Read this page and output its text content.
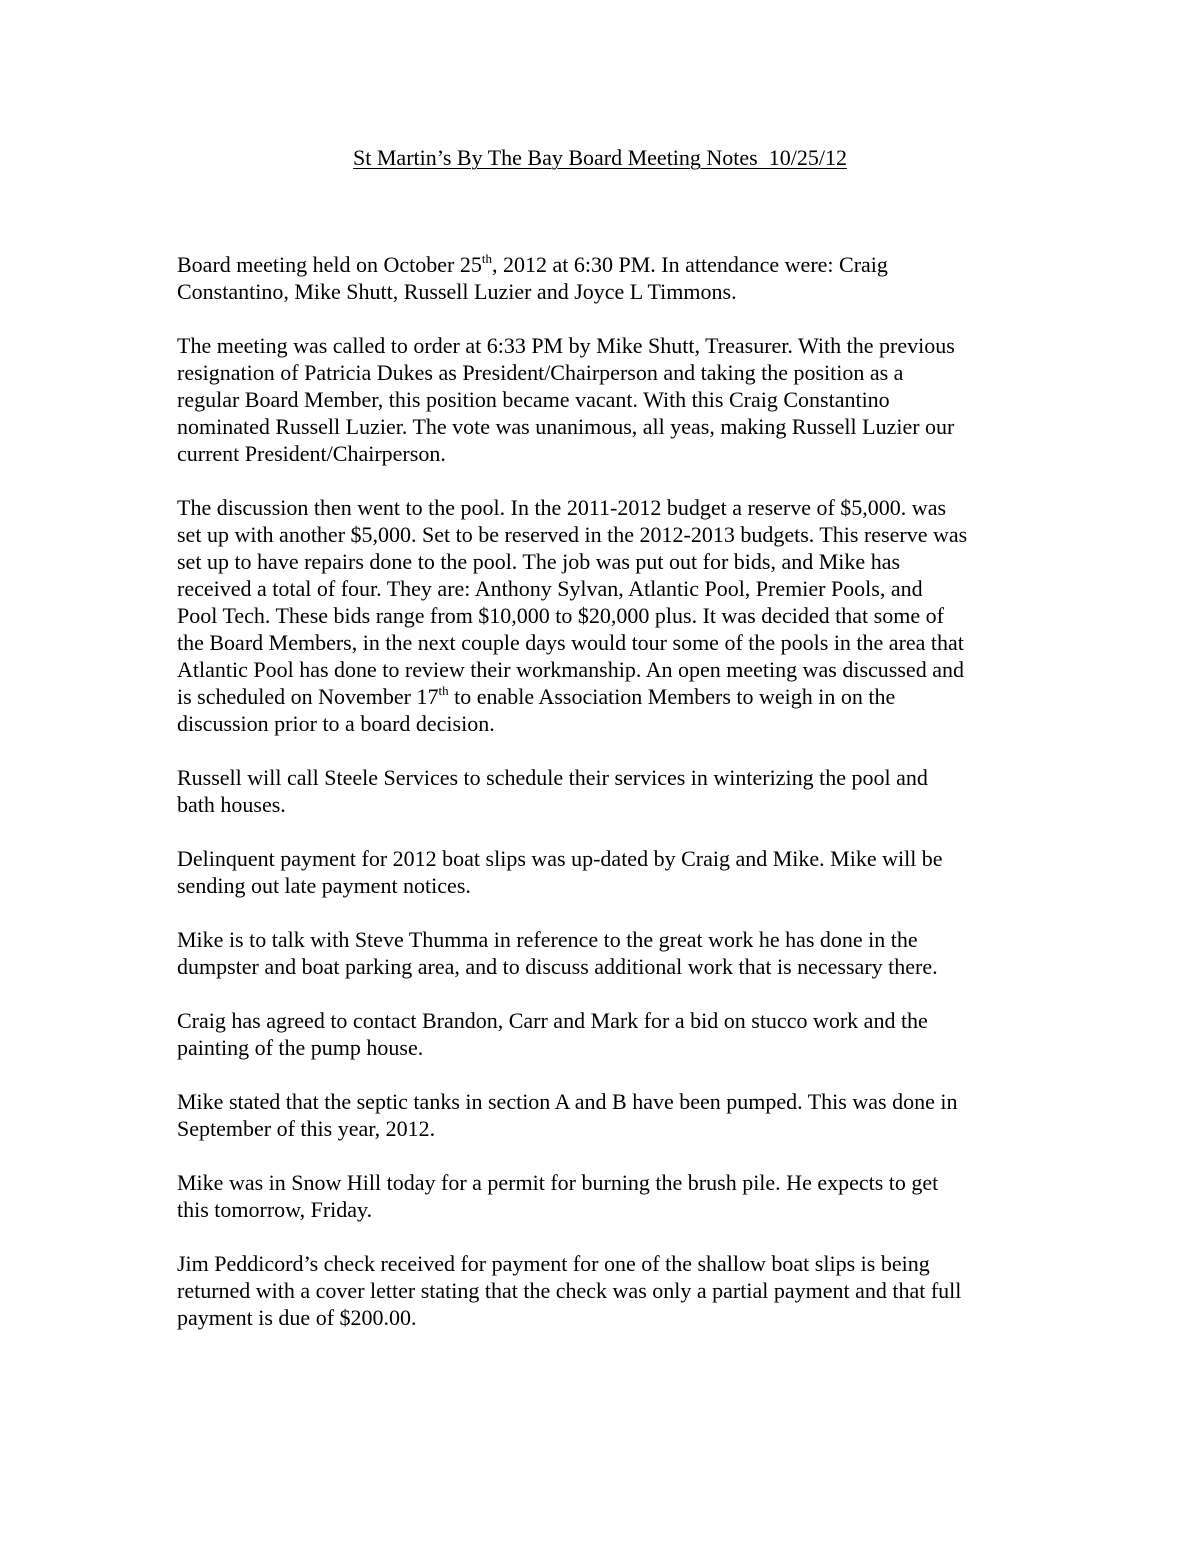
St Martin’s By The Bay Board Meeting Notes  10/25/12

Board meeting held on October 25th, 2012 at 6:30 PM. In attendance were: Craig
Constantino, Mike Shutt, Russell Luzier and Joyce L Timmons.

The meeting was called to order at 6:33 PM by Mike Shutt, Treasurer. With the previous
resignation of Patricia Dukes as President/Chairperson and taking the position as a
regular Board Member, this position became vacant. With this Craig Constantino
nominated Russell Luzier. The vote was unanimous, all yeas, making Russell Luzier our
current President/Chairperson.

The discussion then went to the pool. In the 2011-2012 budget a reserve of $5,000. was
set up with another $5,000. Set to be reserved in the 2012-2013 budgets. This reserve was
set up to have repairs done to the pool. The job was put out for bids, and Mike has
received a total of four. They are: Anthony Sylvan, Atlantic Pool, Premier Pools, and
Pool Tech. These bids range from $10,000 to $20,000 plus. It was decided that some of
the Board Members, in the next couple days would tour some of the pools in the area that
Atlantic Pool has done to review their workmanship. An open meeting was discussed and
is scheduled on November 17th to enable Association Members to weigh in on the
discussion prior to a board decision.

Russell will call Steele Services to schedule their services in winterizing the pool and
bath houses.

Delinquent payment for 2012 boat slips was up-dated by Craig and Mike. Mike will be
sending out late payment notices.

Mike is to talk with Steve Thumma in reference to the great work he has done in the
dumpster and boat parking area, and to discuss additional work that is necessary there.

Craig has agreed to contact Brandon, Carr and Mark for a bid on stucco work and the
painting of the pump house.

Mike stated that the septic tanks in section A and B have been pumped. This was done in
September of this year, 2012.

Mike was in Snow Hill today for a permit for burning the brush pile. He expects to get
this tomorrow, Friday.

Jim Peddicord’s check received for payment for one of the shallow boat slips is being
returned with a cover letter stating that the check was only a partial payment and that full
payment is due of $200.00.
